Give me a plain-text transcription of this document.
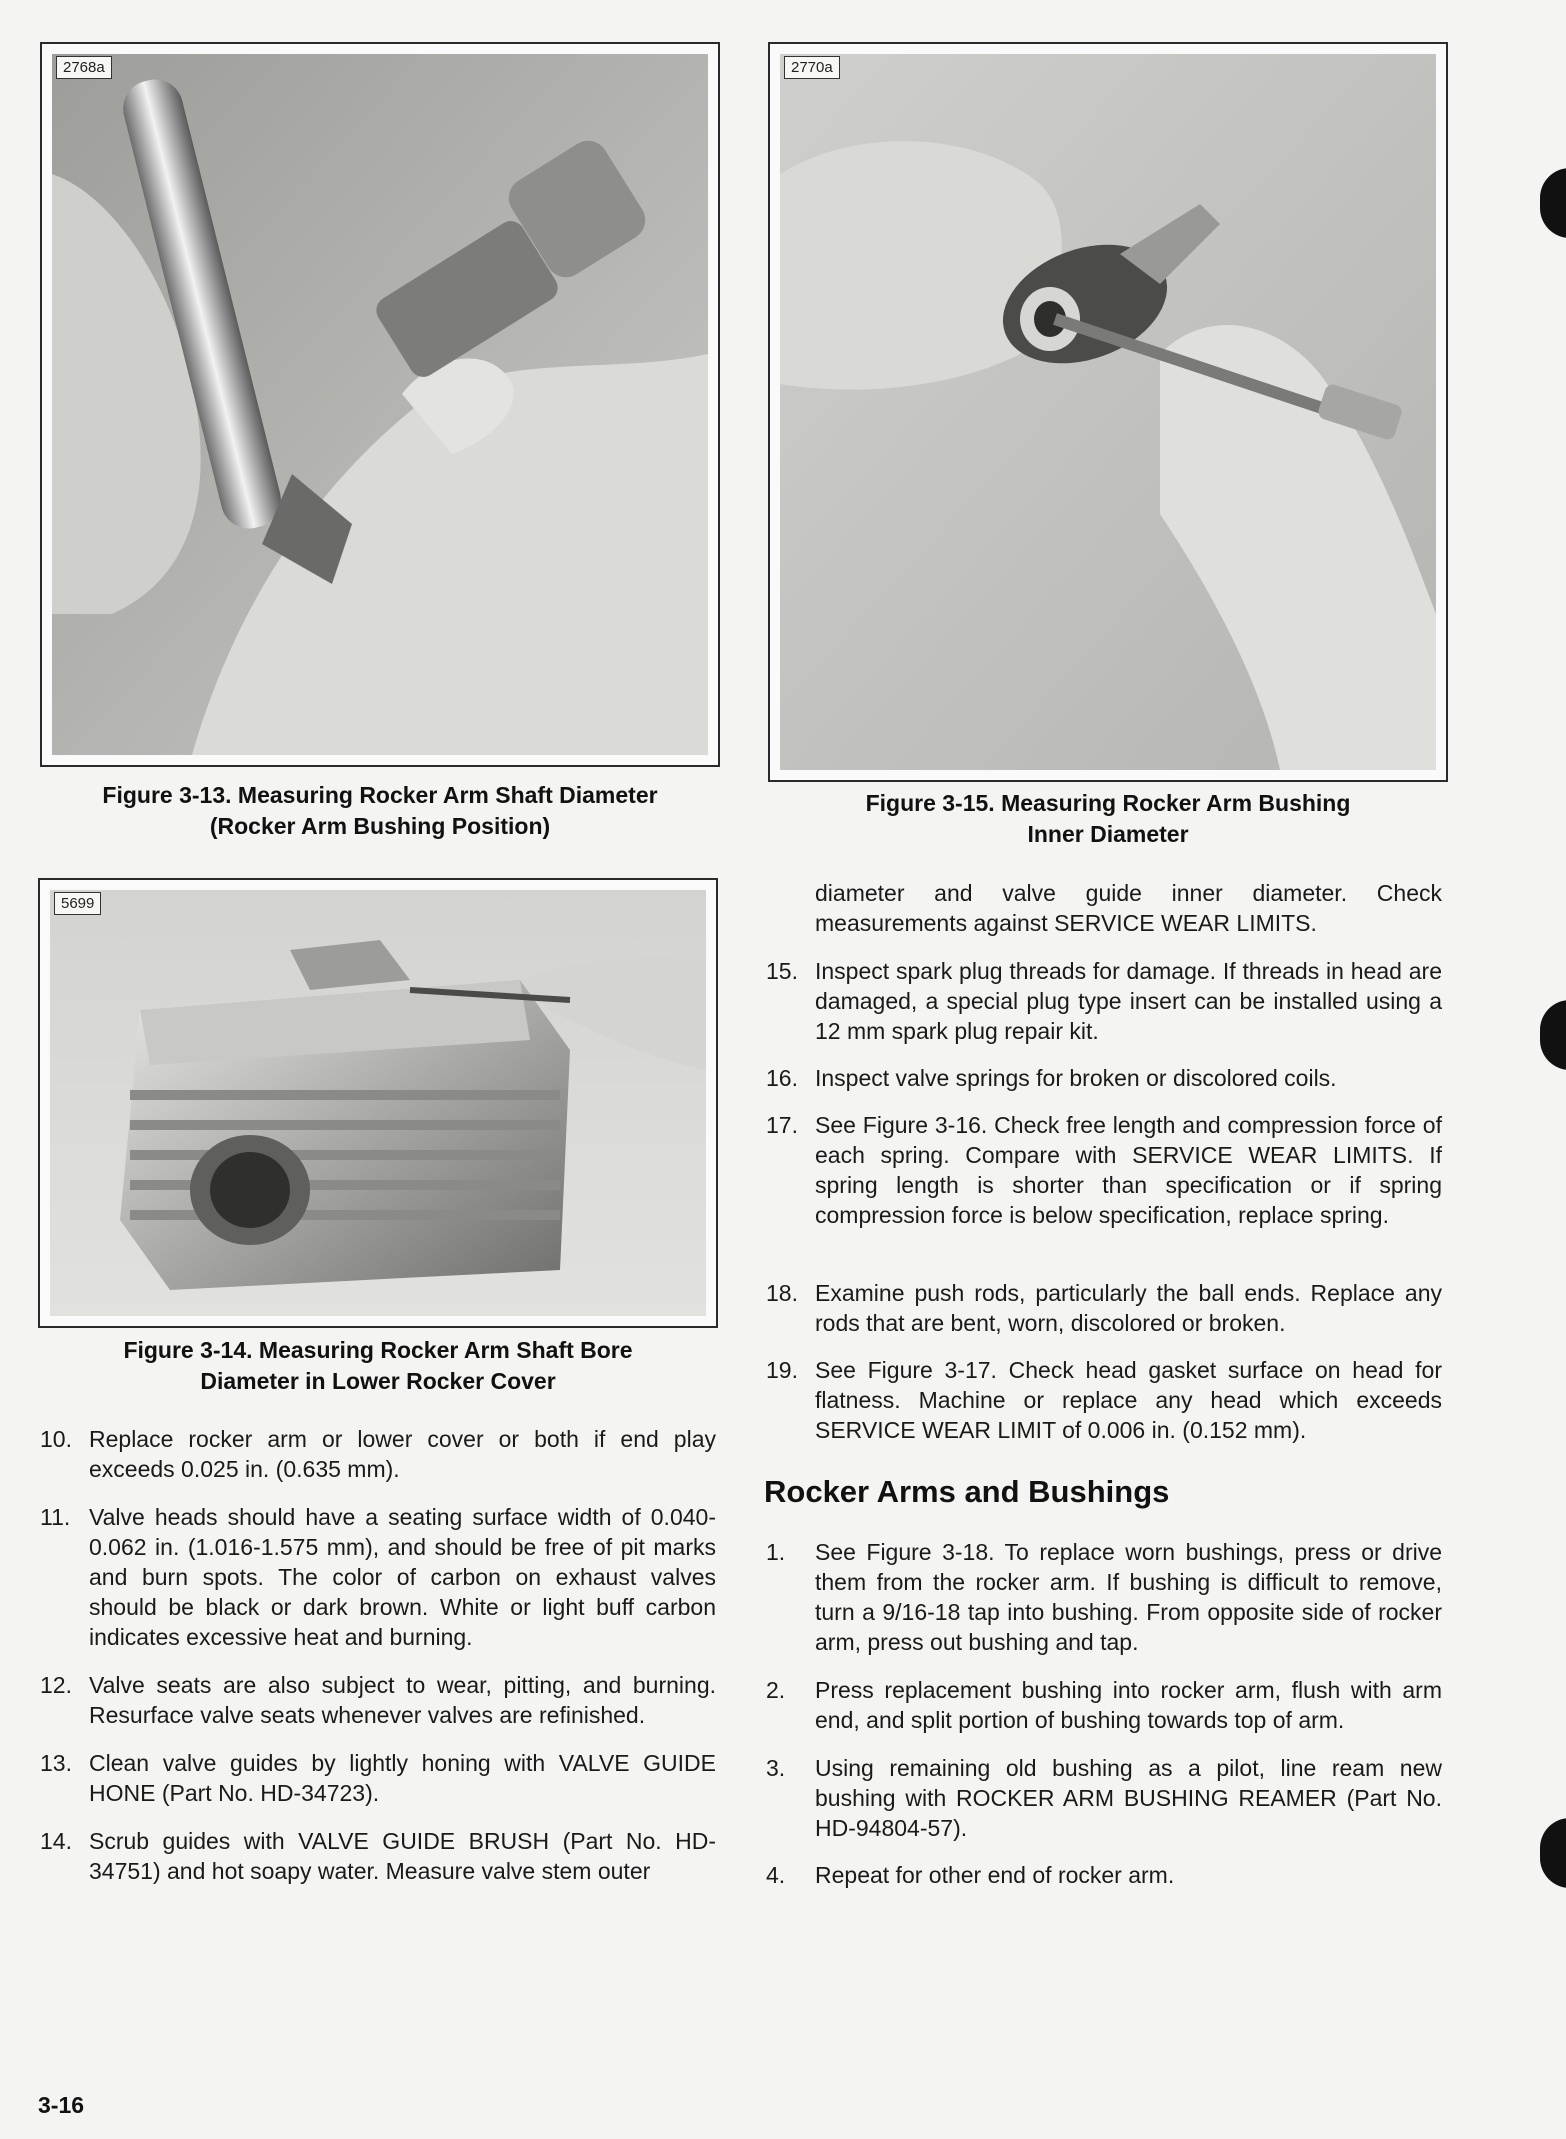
2768a
Figure 3-13. Measuring Rocker Arm Shaft Diameter
(Rocker Arm Bushing Position)
2770a
Figure 3-15. Measuring Rocker Arm Bushing
Inner Diameter
5699
Figure 3-14. Measuring Rocker Arm Shaft Bore
Diameter in Lower Rocker Cover
10. Replace rocker arm or lower cover or both if end play exceeds 0.025 in. (0.635 mm).
11. Valve heads should have a seating surface width of 0.040-0.062 in. (1.016-1.575 mm), and should be free of pit marks and burn spots. The color of carbon on exhaust valves should be black or dark brown. White or light buff carbon indicates excessive heat and burning.
12. Valve seats are also subject to wear, pitting, and burning. Resurface valve seats whenever valves are refinished.
13. Clean valve guides by lightly honing with VALVE GUIDE HONE (Part No. HD-34723).
14. Scrub guides with VALVE GUIDE BRUSH (Part No. HD-34751) and hot soapy water. Measure valve stem outer
diameter and valve guide inner diameter. Check measurements against SERVICE WEAR LIMITS.
15. Inspect spark plug threads for damage. If threads in head are damaged, a special plug type insert can be installed using a 12 mm spark plug repair kit.
16. Inspect valve springs for broken or discolored coils.
17. See Figure 3-16. Check free length and compression force of each spring. Compare with SERVICE WEAR LIMITS. If spring length is shorter than specification or if spring compression force is below specification, replace spring.
18. Examine push rods, particularly the ball ends. Replace any rods that are bent, worn, discolored or broken.
19. See Figure 3-17. Check head gasket surface on head for flatness. Machine or replace any head which exceeds SERVICE WEAR LIMIT of 0.006 in. (0.152 mm).
Rocker Arms and Bushings
1. See Figure 3-18. To replace worn bushings, press or drive them from the rocker arm. If bushing is difficult to remove, turn a 9/16-18 tap into bushing. From opposite side of rocker arm, press out bushing and tap.
2. Press replacement bushing into rocker arm, flush with arm end, and split portion of bushing towards top of arm.
3. Using remaining old bushing as a pilot, line ream new bushing with ROCKER ARM BUSHING REAMER (Part No. HD-94804-57).
4. Repeat for other end of rocker arm.
3-16
